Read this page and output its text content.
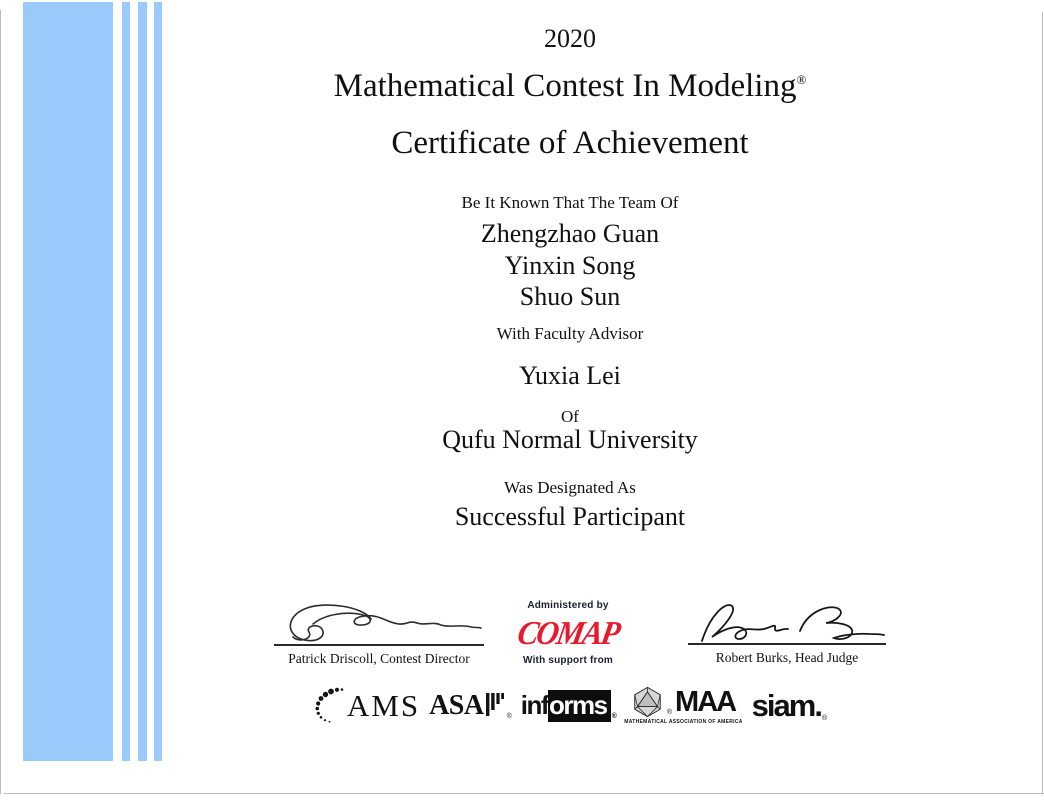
2020
Mathematical Contest In Modeling®
Certificate of Achievement
Be It Known That The Team Of
Zhengzhao Guan
Yinxin Song
Shuo Sun
With Faculty Advisor
Yuxia Lei
Of
Qufu Normal University
Was Designated As
Successful Participant
Patrick Driscoll, Contest Director
Administered by
COMAP
With support from	Robert Burks, Head Judge
AMS ASA	® inf orms ®	® MAA
MATHEMATICAL ASSOCIATION OF AMERICA siam. ®
